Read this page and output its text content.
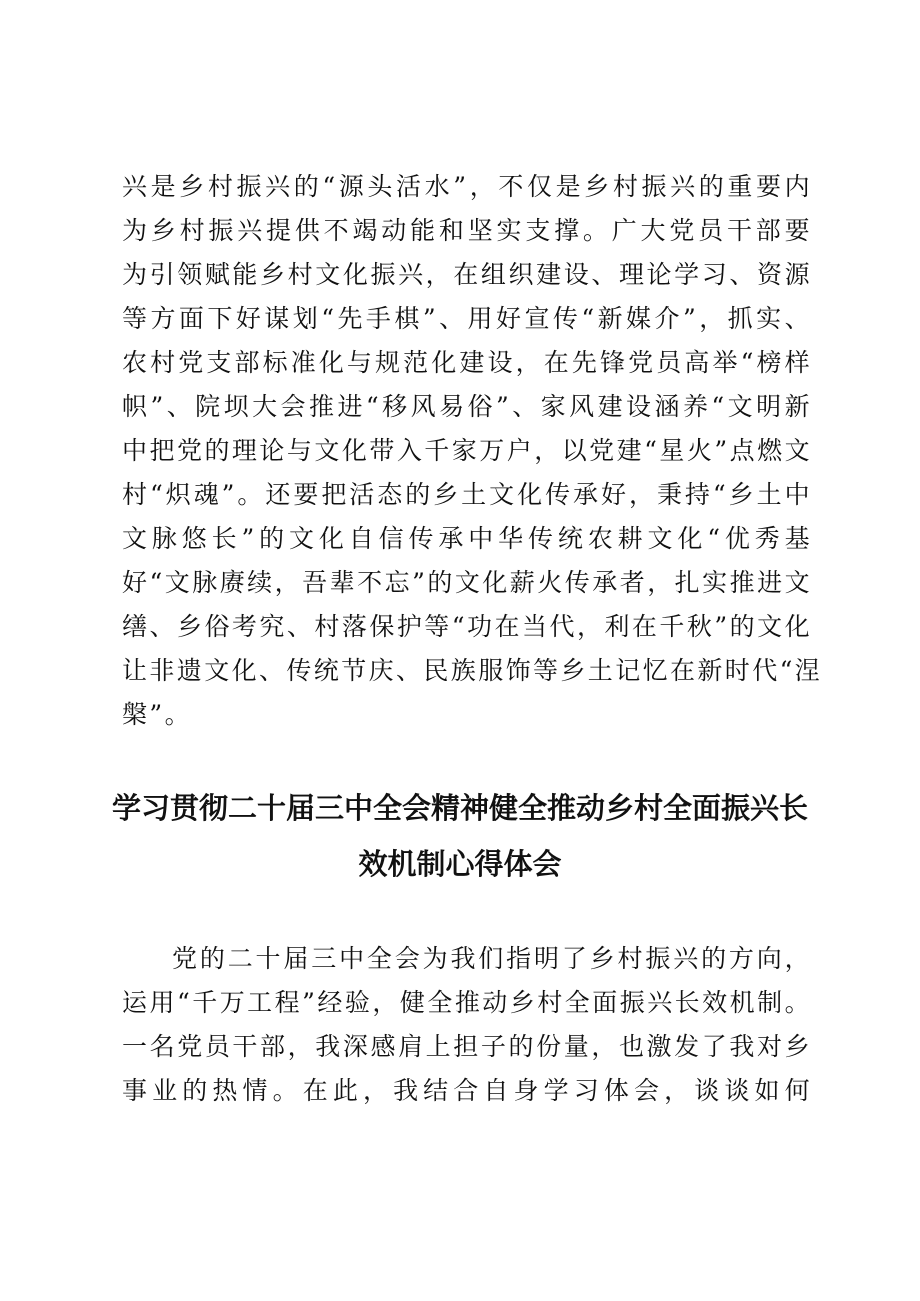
兴是乡村振兴的“源头活水”，不仅是乡村振兴的重要内
为乡村振兴提供不竭动能和坚实支撑。广大党员干部要
为引领赋能乡村文化振兴，在组织建设、理论学习、资源
等方面下好谋划“先手棋”、用好宣传“新媒介”，抓实、
农村党支部标准化与规范化建设，在先锋党员高举“榜样
帜”、院坝大会推进“移风易俗”、家风建设涵养“文明新
中把党的理论与文化带入千家万户，以党建“星火”点燃文
村“炽魂”。还要把活态的乡土文化传承好，秉持“乡土中
文脉悠长”的文化自信传承中华传统农耕文化“优秀基
好“文脉赓续，吾辈不忘”的文化薪火传承者，扎实推进文
缮、乡俗考究、村落保护等“功在当代，利在千秋”的文化
让非遗文化、传统节庆、民族服饰等乡土记忆在新时代“涅
槃”。
学习贯彻二十届三中全会精神健全推动乡村全面振兴长
效机制心得体会
党的二十届三中全会为我们指明了乡村振兴的方向，
运用“千万工程”经验，健全推动乡村全面振兴长效机制。
一名党员干部，我深感肩上担子的份量，也激发了我对乡
事业的热情。在此，我结合自身学习体会，谈谈如何
